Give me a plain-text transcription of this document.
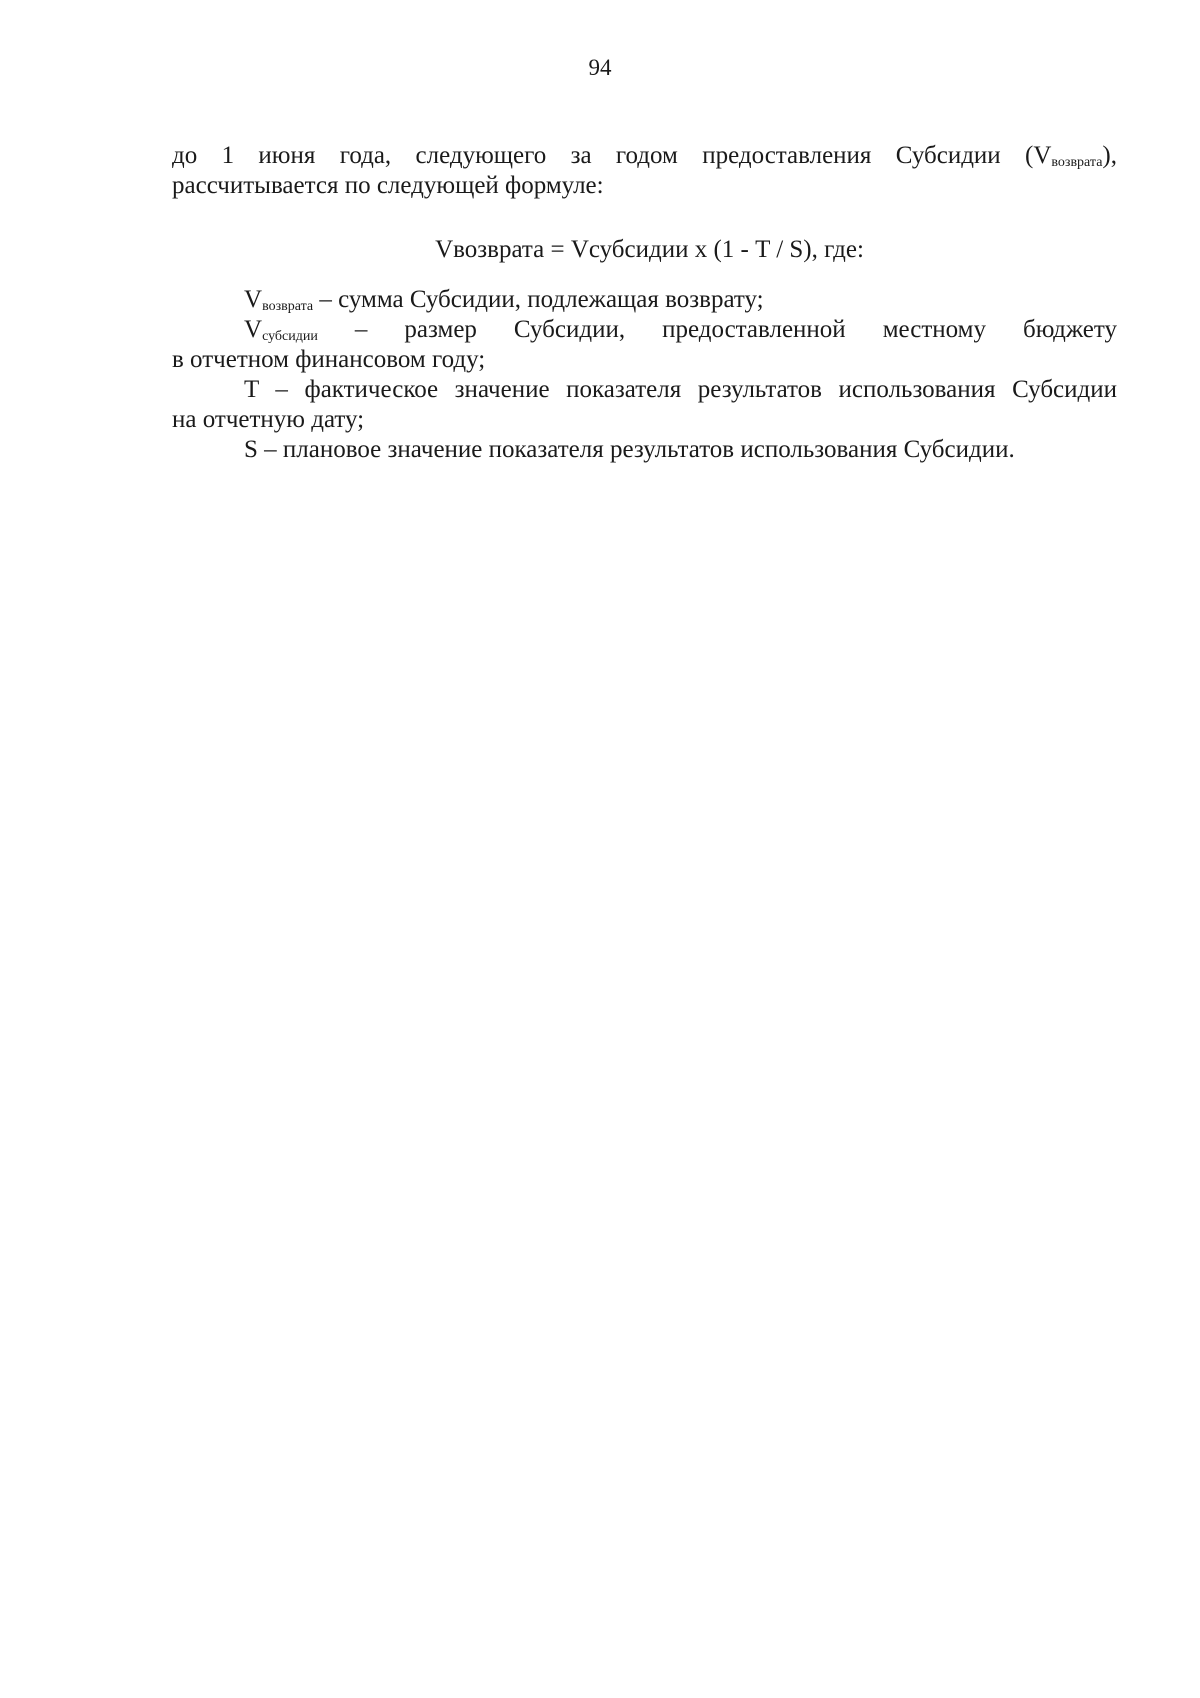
94

до 1 июня года, следующего за годом предоставления Субсидии $(V_{возврата})$,

рассчитывается по следующей формуле:

Vвозврата = Vсубсидии х (1 - T / S), где:

$V_{возврата}$ – сумма Субсидии, подлежащая возврату;

$V_{субсидии}$ – размер Субсидии, предоставленной местному бюджету

в отчетном финансовом году;

T – фактическое значение показателя результатов использования Субсидии

на отчетную дату;

S – плановое значение показателя результатов использования Субсидии.
